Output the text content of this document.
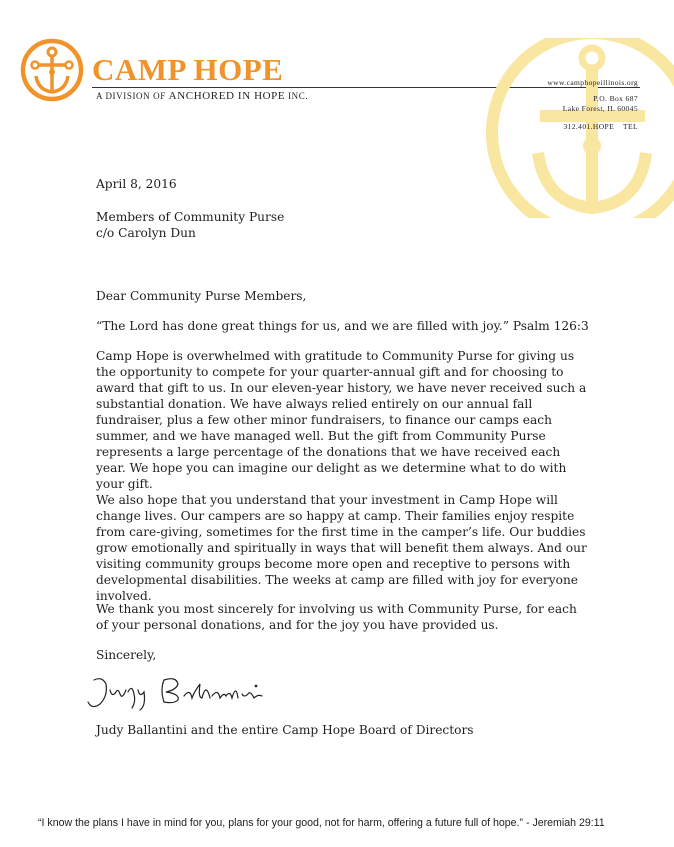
CAMP HOPE
A DIVISION OF ANCHORED IN HOPE INC.
www.camphopeillinois.org
P.O. Box 687
Lake Forest, IL 60045
312.401.HOPE    TEL

April 8, 2016

Members of Community Purse

c/o Carolyn Dun

Dear Community Purse Members,

“The Lord has done great things for us, and we are filled with joy.” Psalm 126:3

Camp Hope is overwhelmed with gratitude to Community Purse for giving us the opportunity to compete for your quarter-annual gift and for choosing to award that gift to us. In our eleven-year history, we have never received such a substantial donation. We have always relied entirely on our annual fall fundraiser, plus a few other minor fundraisers, to finance our camps each summer, and we have managed well. But the gift from Community Purse represents a large percentage of the donations that we have received each year. We hope you can imagine our delight as we determine what to do with your gift.

We also hope that you understand that your investment in Camp Hope will change lives. Our campers are so happy at camp. Their families enjoy respite from care-giving, sometimes for the first time in the camper’s life. Our buddies grow emotionally and spiritually in ways that will benefit them always. And our visiting community groups become more open and receptive to persons with developmental disabilities. The weeks at camp are filled with joy for everyone involved.

We thank you most sincerely for involving us with Community Purse, for each of your personal donations, and for the joy you have provided us.

Sincerely,

Judy Ballantini and the entire Camp Hope Board of Directors
“I know the plans I have in mind for you, plans for your good, not for harm, offering a future full of hope.” - Jeremiah 29:11
